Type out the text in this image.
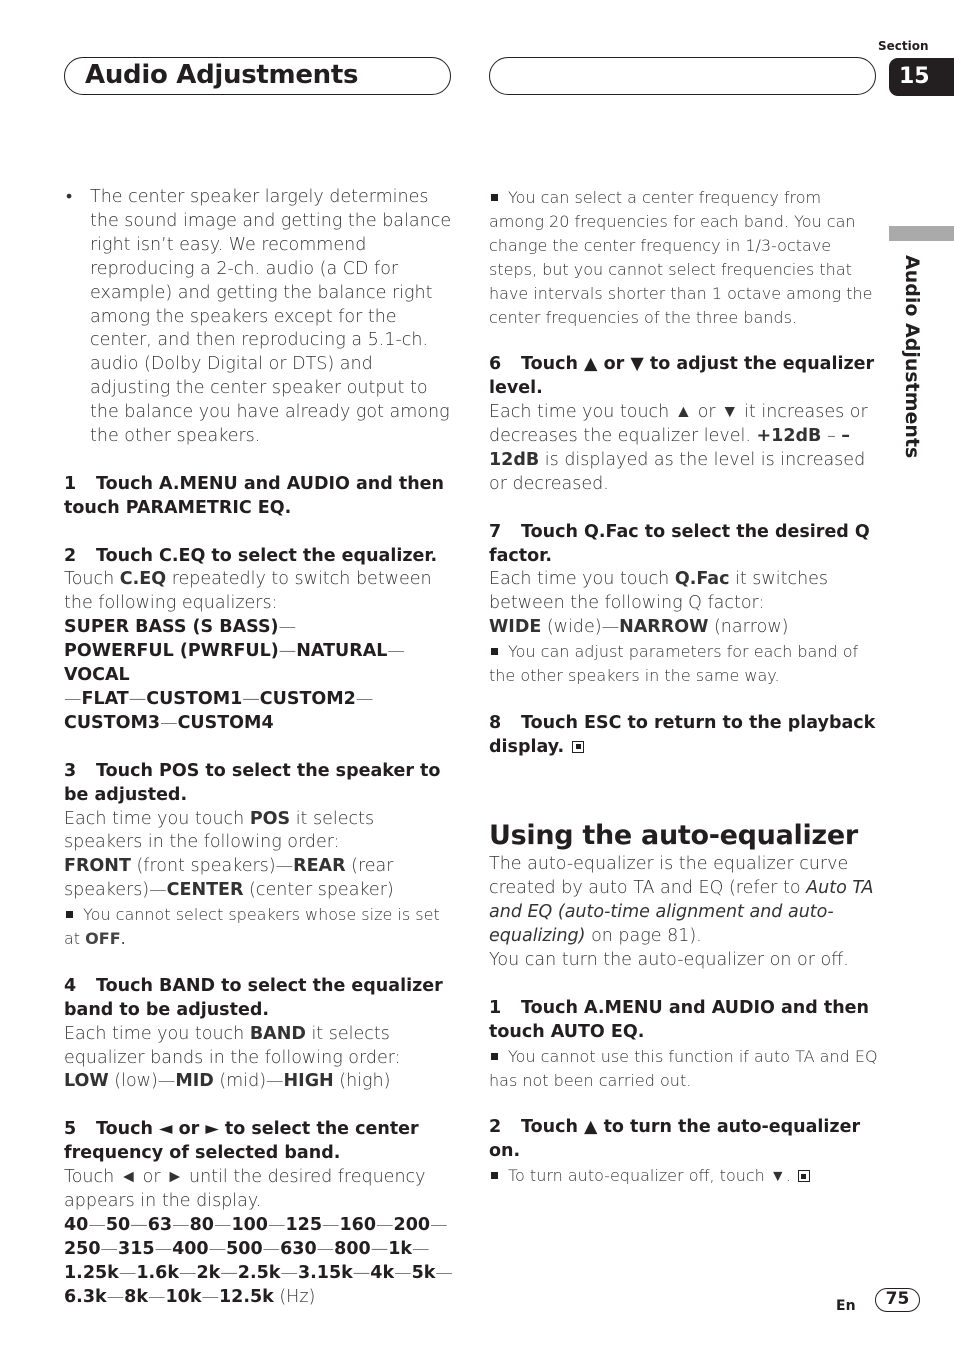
Audio Adjustments
Section
15
Audio Adjustments

• The center speaker largely determines the sound image and getting the balance right isn’t easy. We recommend reproducing a 2-ch. audio (a CD for example) and getting the balance right among the speakers except for the center, and then reproducing a 5.1-ch. audio (Dolby Digital or DTS) and adjusting the center speaker output to the balance you have already got among the other speakers.

1 Touch A.MENU and AUDIO and then touch PARAMETRIC EQ.

2 Touch C.EQ to select the equalizer.

Touch C.EQ repeatedly to switch between the following equalizers:

SUPER BASS (S BASS)—
POWERFUL (PWRFUL)—NATURAL—VOCAL
—FLAT—CUSTOM1—CUSTOM2—
CUSTOM3—CUSTOM4

3 Touch POS to select the speaker to be adjusted.

Each time you touch POS it selects speakers in the following order:

FRONT (front speakers)—REAR (rear speakers)—CENTER (center speaker)

You cannot select speakers whose size is set at OFF.

4 Touch BAND to select the equalizer band to be adjusted.

Each time you touch BAND it selects equalizer bands in the following order:

LOW (low)—MID (mid)—HIGH (high)

5 Touch ◄ or ► to select the center frequency of selected band.

Touch ◄ or ► until the desired frequency appears in the display.

40—50—63—80—100—125—160—200—
250—315—400—500—630—800—1k—
1.25k—1.6k—2k—2.5k—3.15k—4k—5k—
6.3k—8k—10k—12.5k (Hz)

You can select a center frequency from among 20 frequencies for each band. You can change the center frequency in 1/3-octave steps, but you cannot select frequencies that have intervals shorter than 1 octave among the center frequencies of the three bands.

6 Touch ▲ or ▼ to adjust the equalizer level.

Each time you touch ▲ or ▼ it increases or decreases the equalizer level. +12dB – –12dB is displayed as the level is increased or decreased.

7 Touch Q.Fac to select the desired Q factor.

Each time you touch Q.Fac it switches between the following Q factor:

WIDE (wide)—NARROW (narrow)

You can adjust parameters for each band of the other speakers in the same way.

8 Touch ESC to return to the playback display.

Using the auto-equalizer

The auto-equalizer is the equalizer curve created by auto TA and EQ (refer to Auto TA and EQ (auto-time alignment and auto-equalizing) on page 81).

You can turn the auto-equalizer on or off.

1 Touch A.MENU and AUDIO and then touch AUTO EQ.

You cannot use this function if auto TA and EQ has not been carried out.

2 Touch ▲ to turn the auto-equalizer on.

To turn auto-equalizer off, touch ▼.

En	75
